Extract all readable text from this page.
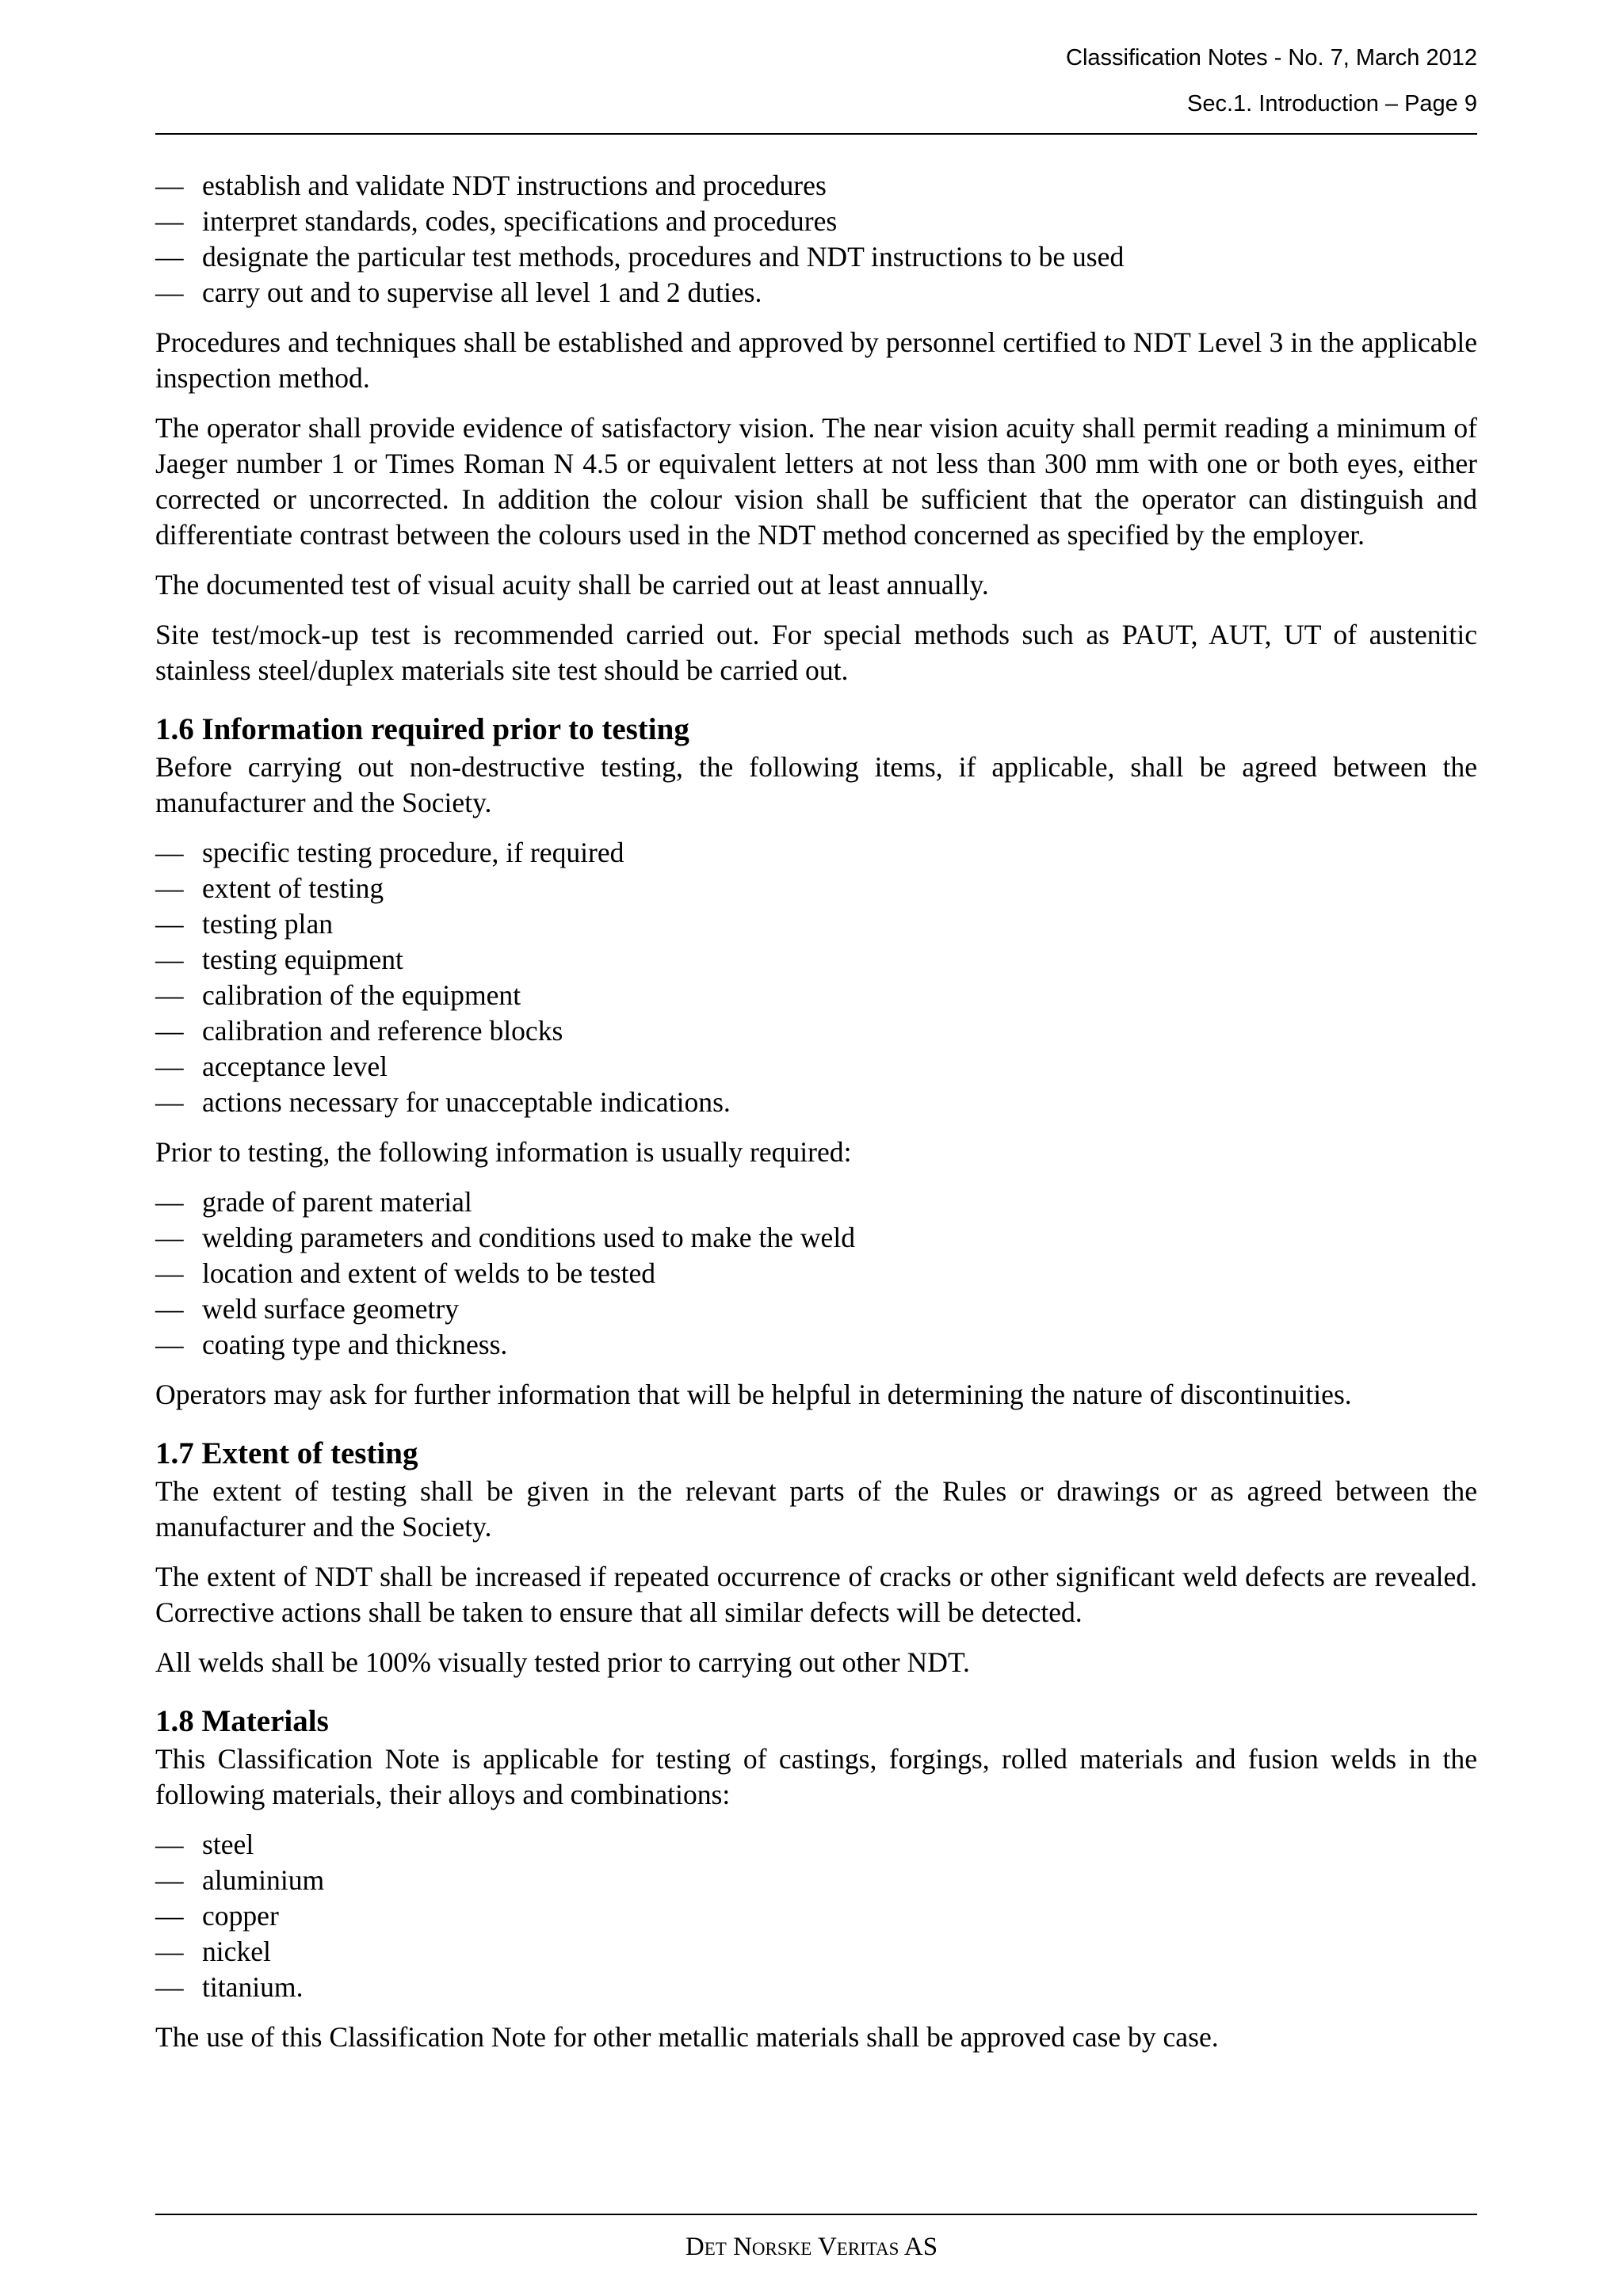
Classification Notes - No. 7, March 2012
Sec.1. Introduction – Page 9
— establish and validate NDT instructions and procedures
— interpret standards, codes, specifications and procedures
— designate the particular test methods, procedures and NDT instructions to be used
— carry out and to supervise all level 1 and 2 duties.

Procedures and techniques shall be established and approved by personnel certified to NDT Level 3 in the applicable inspection method.

The operator shall provide evidence of satisfactory vision. The near vision acuity shall permit reading a minimum of Jaeger number 1 or Times Roman N 4.5 or equivalent letters at not less than 300 mm with one or both eyes, either corrected or uncorrected. In addition the colour vision shall be sufficient that the operator can distinguish and differentiate contrast between the colours used in the NDT method concerned as specified by the employer.

The documented test of visual acuity shall be carried out at least annually.

Site test/mock-up test is recommended carried out. For special methods such as PAUT, AUT, UT of austenitic stainless steel/duplex materials site test should be carried out.

1.6 Information required prior to testing

Before carrying out non-destructive testing, the following items, if applicable, shall be agreed between the manufacturer and the Society.

— specific testing procedure, if required
— extent of testing
— testing plan
— testing equipment
— calibration of the equipment
— calibration and reference blocks
— acceptance level
— actions necessary for unacceptable indications.

Prior to testing, the following information is usually required:

— grade of parent material
— welding parameters and conditions used to make the weld
— location and extent of welds to be tested
— weld surface geometry
— coating type and thickness.

Operators may ask for further information that will be helpful in determining the nature of discontinuities.

1.7 Extent of testing

The extent of testing shall be given in the relevant parts of the Rules or drawings or as agreed between the manufacturer and the Society.

The extent of NDT shall be increased if repeated occurrence of cracks or other significant weld defects are revealed. Corrective actions shall be taken to ensure that all similar defects will be detected.

All welds shall be 100% visually tested prior to carrying out other NDT.

1.8 Materials

This Classification Note is applicable for testing of castings, forgings, rolled materials and fusion welds in the following materials, their alloys and combinations:

— steel
— aluminium
— copper
— nickel
— titanium.

The use of this Classification Note for other metallic materials shall be approved case by case.

Det Norske Veritas AS
